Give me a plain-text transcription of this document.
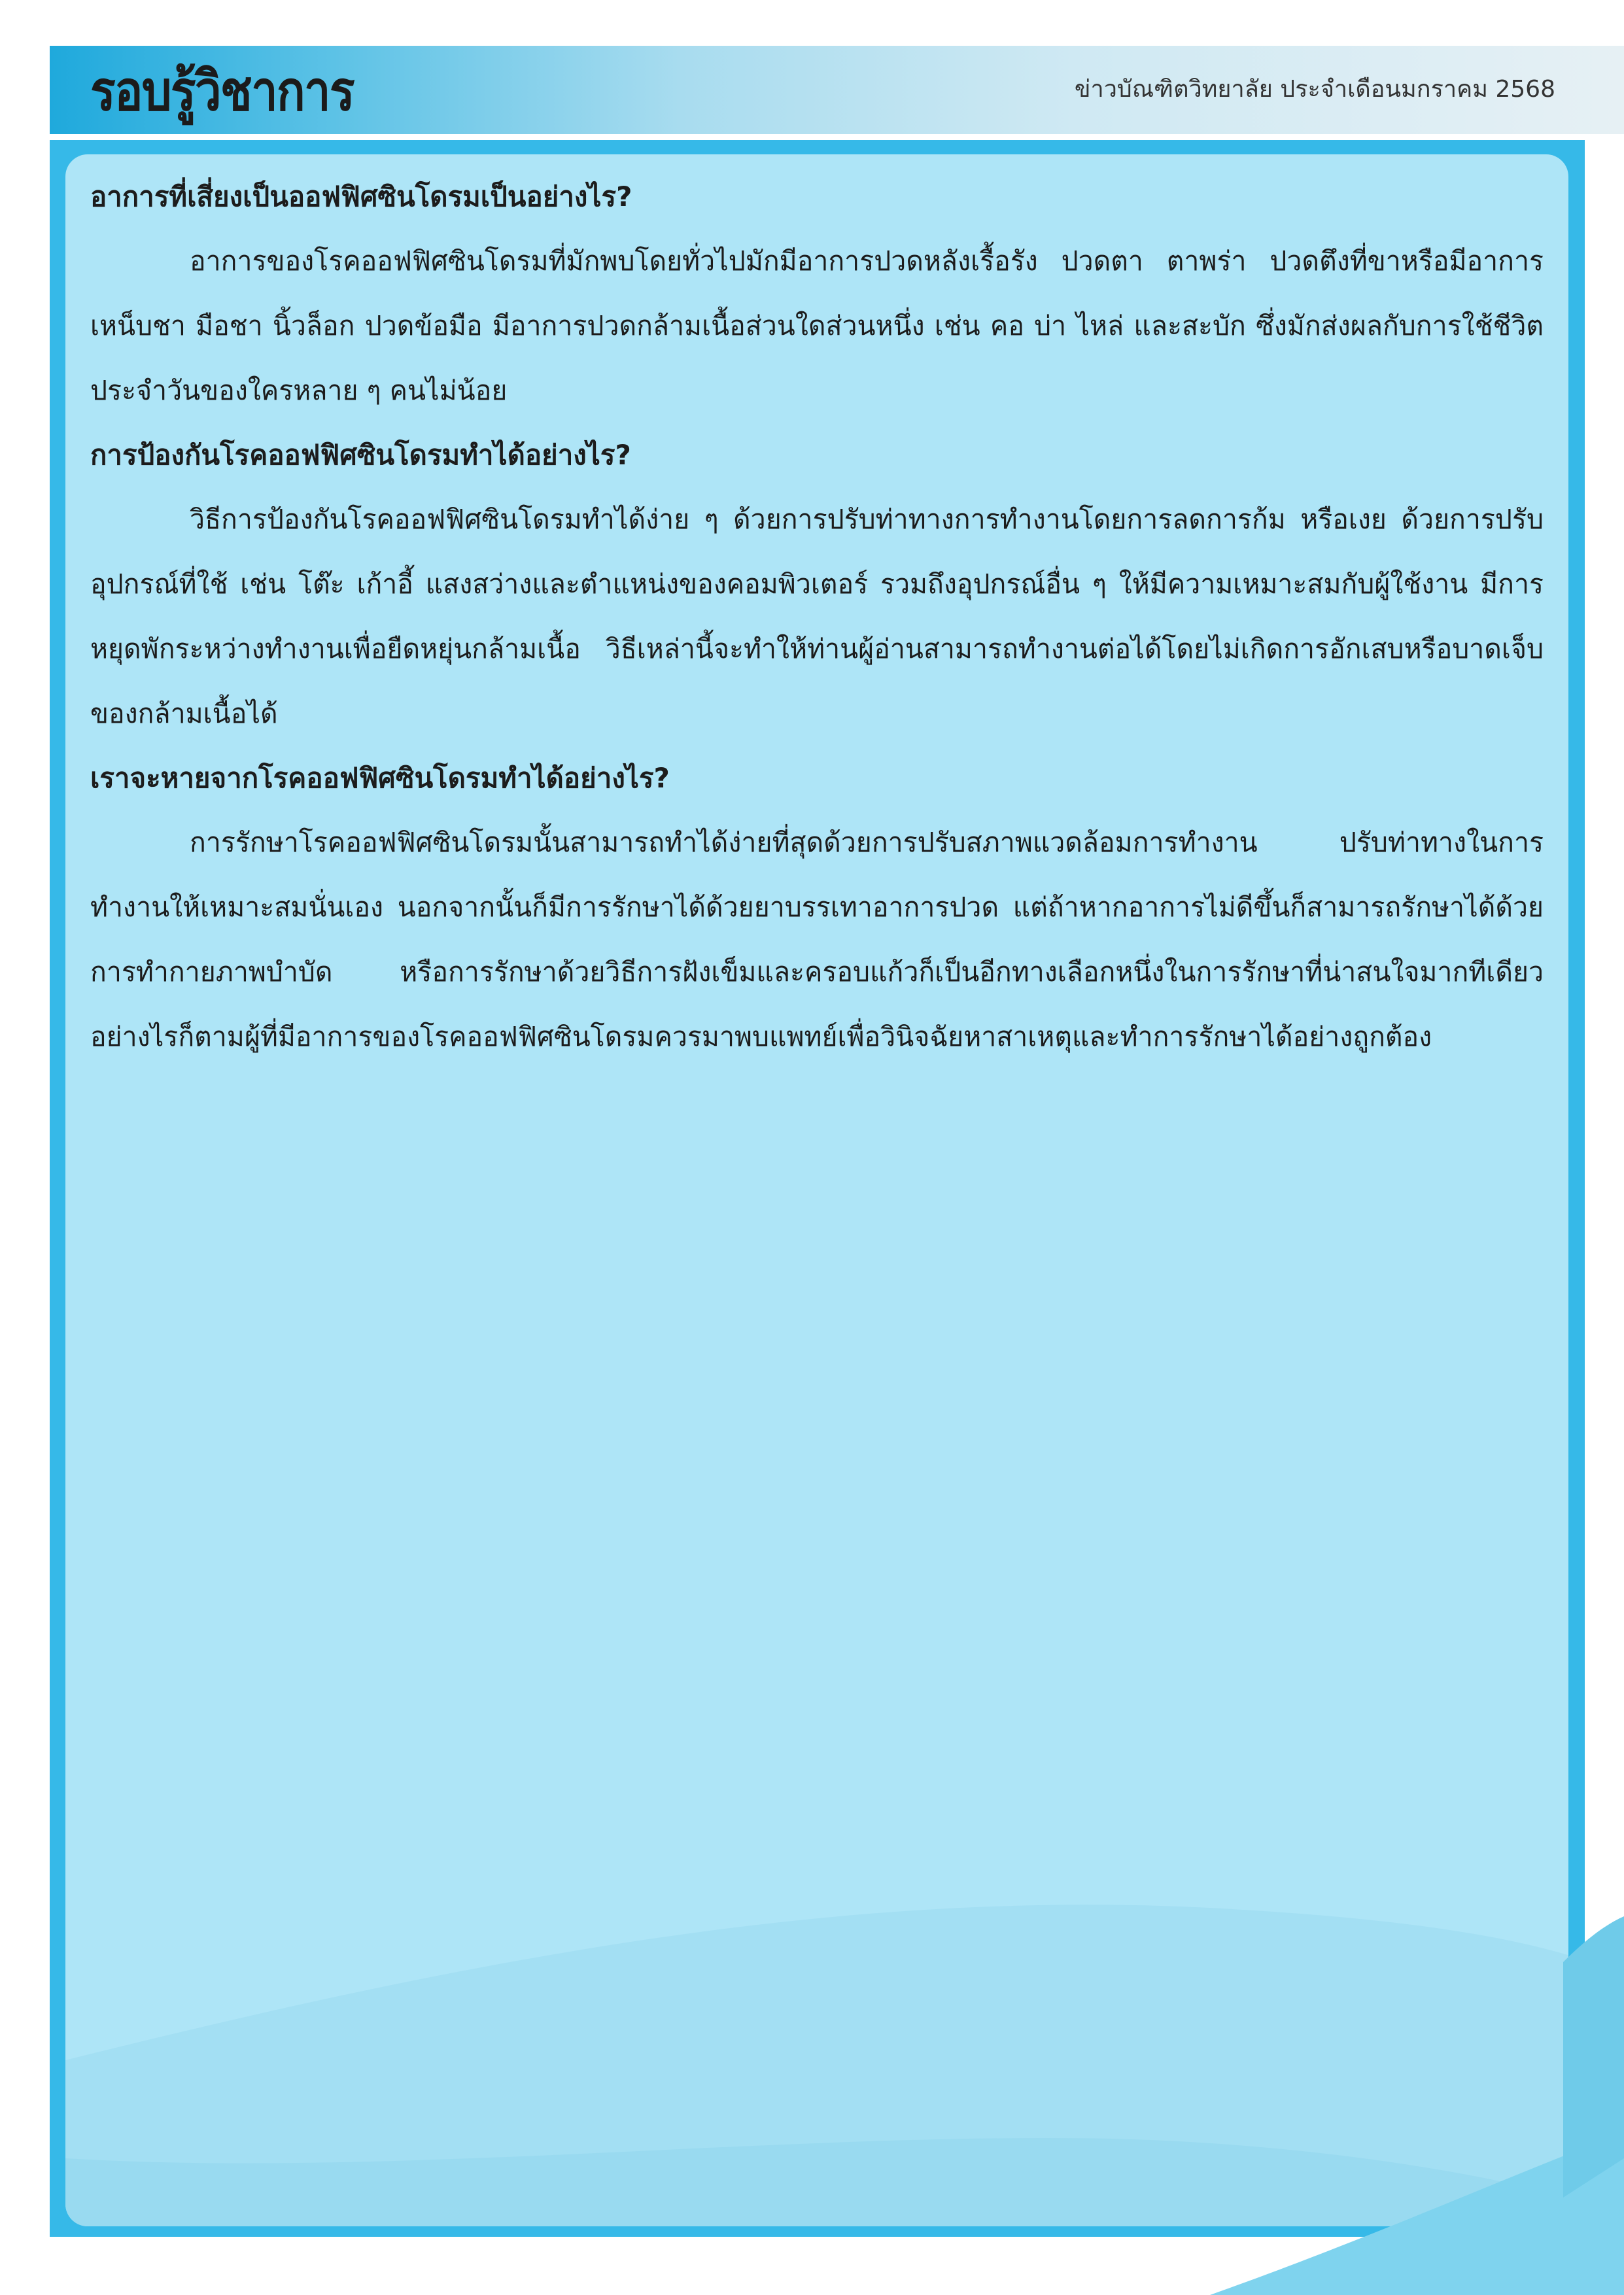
รอบรู้วิชาการ	ข่าวบัณฑิตวิทยาลัย ประจำเดือนมกราคม 2568
อาการที่เสี่ยงเป็นออฟฟิศซินโดรมเป็นอย่างไร?

อาการของโรคออฟฟิศซินโดรมที่มักพบโดยทั่วไปมักมีอาการปวดหลังเรื้อรัง ปวดตา ตาพร่า ปวดตึงที่ขาหรือมีอาการเหน็บชา มือชา นิ้วล็อก ปวดข้อมือ มีอาการปวดกล้ามเนื้อส่วนใดส่วนหนึ่ง เช่น คอ บ่า ไหล่ และสะบัก ซึ่งมักส่งผลกับการใช้ชีวิตประจำวันของใครหลาย ๆ คนไม่น้อย

การป้องกันโรคออฟฟิศซินโดรมทำได้อย่างไร?

วิธีการป้องกันโรคออฟฟิศซินโดรมทำได้ง่าย ๆ ด้วยการปรับท่าทางการทำงานโดยการลดการก้ม หรือเงย ด้วยการปรับอุปกรณ์ที่ใช้ เช่น โต๊ะ เก้าอี้ แสงสว่างและตำแหน่งของคอมพิวเตอร์ รวมถึงอุปกรณ์อื่น ๆ ให้มีความเหมาะสมกับผู้ใช้งาน มีการหยุดพักระหว่างทำงานเพื่อยืดหยุ่นกล้ามเนื้อ วิธีเหล่านี้จะทำให้ท่านผู้อ่านสามารถทำงานต่อได้โดยไม่เกิดการอักเสบหรือบาดเจ็บของกล้ามเนื้อได้

เราจะหายจากโรคออฟฟิศซินโดรมทำได้อย่างไร?

การรักษาโรคออฟฟิศซินโดรมนั้นสามารถทำได้ง่ายที่สุดด้วยการปรับสภาพแวดล้อมการทำงาน ปรับท่าทางในการทำงานให้เหมาะสมนั่นเอง นอกจากนั้นก็มีการรักษาได้ด้วยยาบรรเทาอาการปวด แต่ถ้าหากอาการไม่ดีขึ้นก็สามารถรักษาได้ด้วยการทำกายภาพบำบัด หรือการรักษาด้วยวิธีการฝังเข็มและครอบแก้วก็เป็นอีกทางเลือกหนึ่งในการรักษาที่น่าสนใจมากทีเดียว อย่างไรก็ตามผู้ที่มีอาการของโรคออฟฟิศซินโดรมควรมาพบแพทย์เพื่อวินิจฉัยหาสาเหตุและทำการรักษาได้อย่างถูกต้อง
